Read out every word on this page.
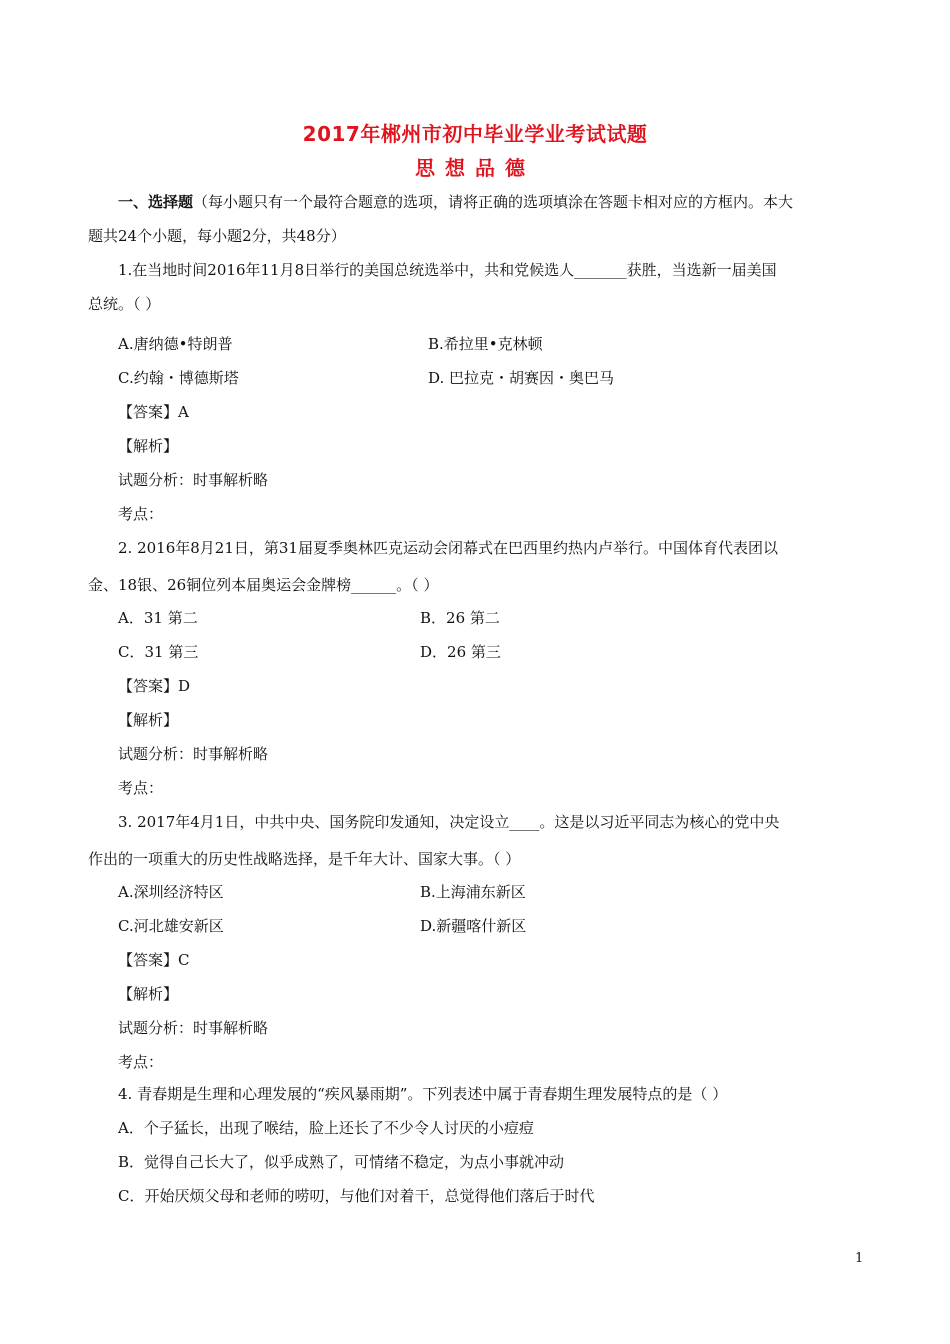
2017年郴州市初中毕业学业考试试题
思想品德
一、选择题（每小题只有一个最符合题意的选项，请将正确的选项填涂在答题卡相对应的方框内。本大
题共24个小题，每小题2分，共48分）
1.在当地时间2016年11月8日举行的美国总统选举中，共和党候选人_______获胜，当选新一届美国
总统。（ ）
A.唐纳德•特朗普	B.希拉里•克林顿
C.约翰・博德斯塔	D. 巴拉克・胡赛因・奥巴马
【答案】A
【解析】
试题分析：时事解析略
考点：
2. 2016年8月21日，第31届夏季奥林匹克运动会闭幕式在巴西里约热内卢举行。中国体育代表团以
金、18银、26铜位列本届奥运会金牌榜______。（ ）
A．31 第二	B．26 第二
C．31 第三	D．26 第三
【答案】D
【解析】
试题分析：时事解析略
考点：
3. 2017年4月1日，中共中央、国务院印发通知，决定设立____。这是以习近平同志为核心的党中央
作出的一项重大的历史性战略选择，是千年大计、国家大事。（ ）
A.深圳经济特区	B.上海浦东新区
C.河北雄安新区	D.新疆喀什新区
【答案】C
【解析】
试题分析：时事解析略
考点：
4. 青春期是生理和心理发展的“疾风暴雨期”。下列表述中属于青春期生理发展特点的是（ ）
A．个子猛长，出现了喉结，脸上还长了不少令人讨厌的小痘痘
B．觉得自己长大了，似乎成熟了，可情绪不稳定，为点小事就冲动
C．开始厌烦父母和老师的唠叨，与他们对着干，总觉得他们落后于时代
1
